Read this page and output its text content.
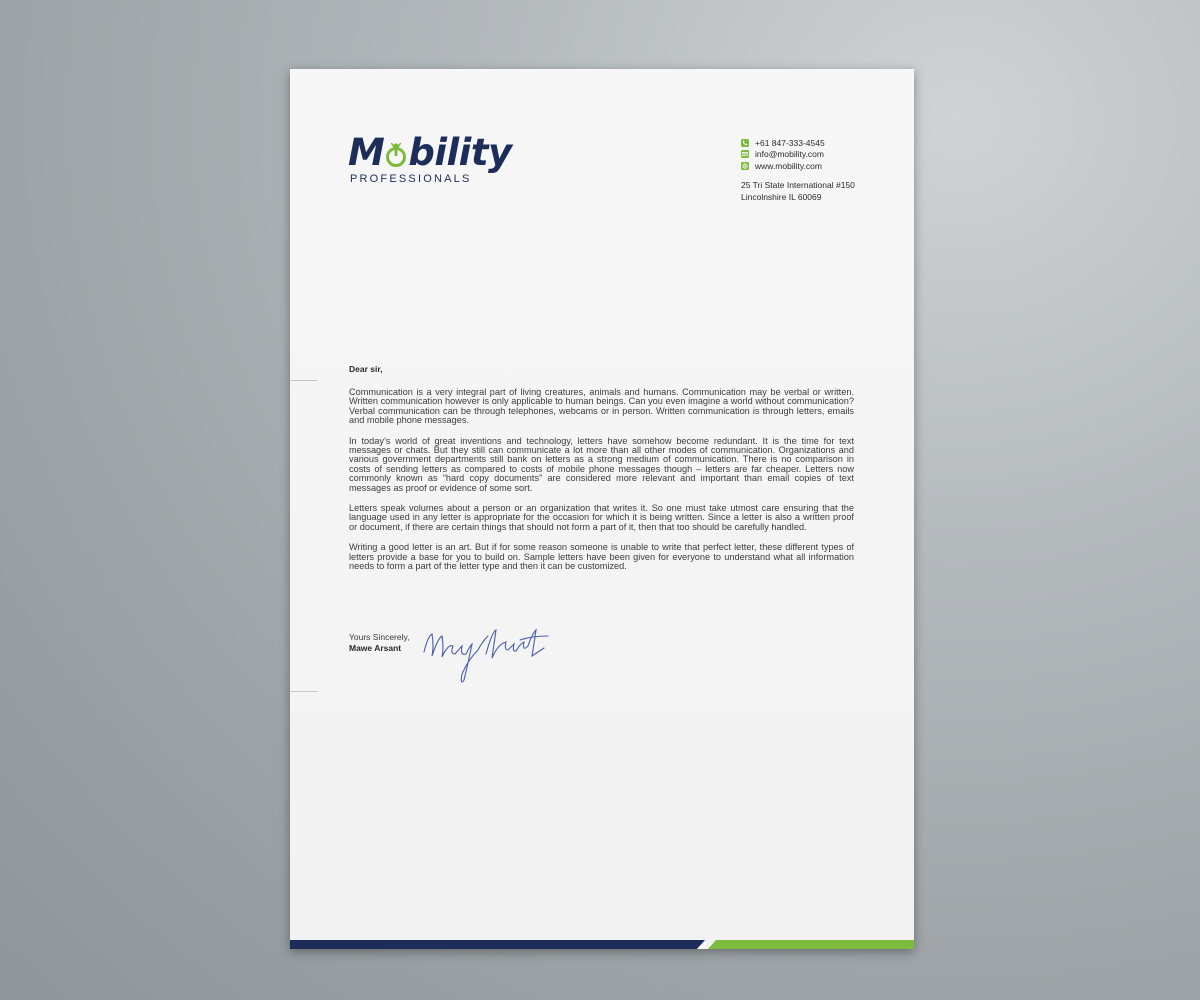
M bility
PROFESSIONALS
+61 847-333-4545
info@mobility.com
www.mobility.com
25 Tri State International #150
Lincolnshire IL 60069
Dear sir,

Communication is a very integral part of living creatures, animals and humans. Communication may be verbal or written. Written communication however is only applicable to human beings. Can you even imagine a world without communication? Verbal communication can be through telephones, webcams or in person. Written communication is through letters, emails and mobile phone messages.

In today’s world of great inventions and technology, letters have somehow become redundant. It is the time for text messages or chats. But they still can communicate a lot more than all other modes of communication. Organizations and various government departments still bank on letters as a strong medium of communication. There is no comparison in costs of sending letters as compared to costs of mobile phone messages though – letters are far cheaper. Letters now commonly known as “hard copy documents” are considered more relevant and important than email copies of text messages as proof or evidence of some sort.

Letters speak volumes about a person or an organization that writes it. So one must take utmost care ensuring that the language used in any letter is appropriate for the occasion for which it is being written. Since a letter is also a written proof or document, if there are certain things that should not form a part of it, then that too should be carefully handled.

Writing a good letter is an art. But if for some reason someone is unable to write that perfect letter, these different types of letters provide a base for you to build on. Sample letters have been given for everyone to understand what all information needs to form a part of the letter type and then it can be customized.

Yours Sincerely,
Mawe Arsant
